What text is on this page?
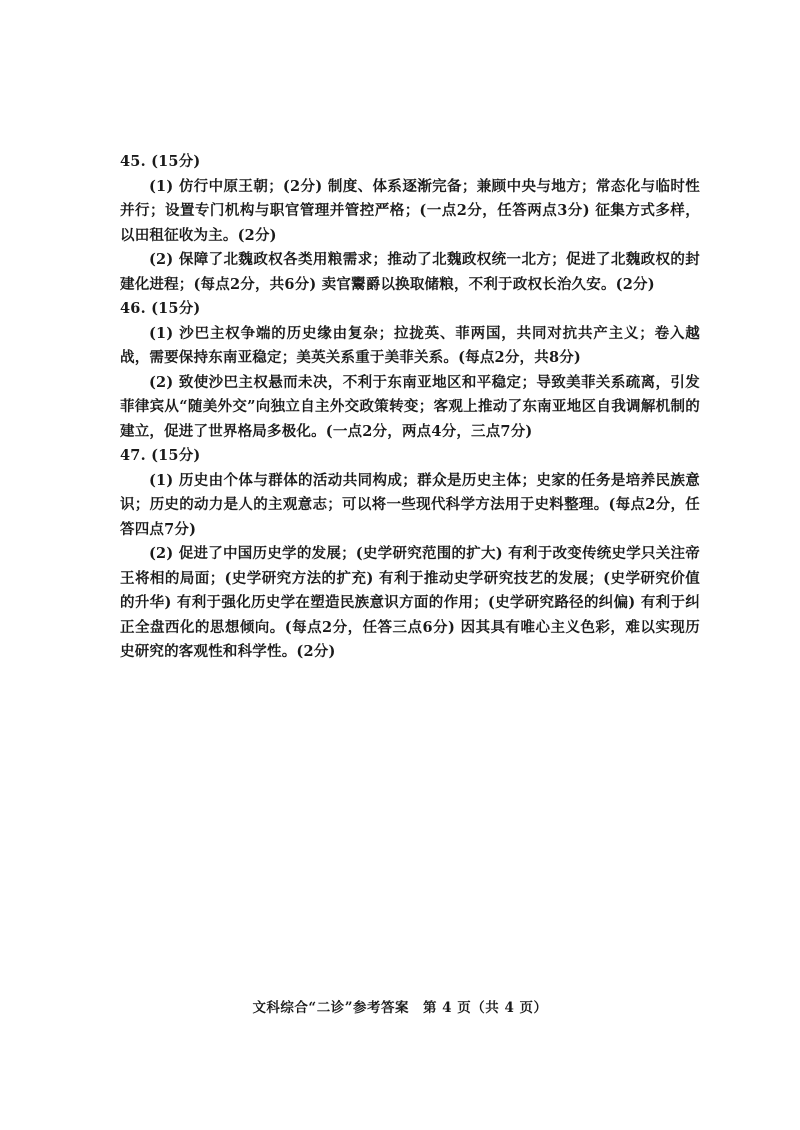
45. (15分)

(1) 仿行中原王朝；(2分) 制度、体系逐渐完备；兼顾中央与地方；常态化与临时性并行；设置专门机构与职官管理并管控严格；(一点2分，任答两点3分) 征集方式多样，以田租征收为主。(2分)

(2) 保障了北魏政权各类用粮需求；推动了北魏政权统一北方；促进了北魏政权的封建化进程；(每点2分，共6分) 卖官鬻爵以换取储粮，不利于政权长治久安。(2分)

46. (15分)

(1) 沙巴主权争端的历史缘由复杂；拉拢英、菲两国，共同对抗共产主义；卷入越战，需要保持东南亚稳定；美英关系重于美菲关系。(每点2分，共8分)

(2) 致使沙巴主权悬而未决，不利于东南亚地区和平稳定；导致美菲关系疏离，引发菲律宾从“随美外交”向独立自主外交政策转变；客观上推动了东南亚地区自我调解机制的建立，促进了世界格局多极化。(一点2分，两点4分，三点7分)

47. (15分)

(1) 历史由个体与群体的活动共同构成；群众是历史主体；史家的任务是培养民族意识；历史的动力是人的主观意志；可以将一些现代科学方法用于史料整理。(每点2分，任答四点7分)

(2) 促进了中国历史学的发展；(史学研究范围的扩大) 有利于改变传统史学只关注帝王将相的局面；(史学研究方法的扩充) 有利于推动史学研究技艺的发展；(史学研究价值的升华) 有利于强化历史学在塑造民族意识方面的作用；(史学研究路径的纠偏) 有利于纠正全盘西化的思想倾向。(每点2分，任答三点6分) 因其具有唯心主义色彩，难以实现历史研究的客观性和科学性。(2分)

文科综合“二诊”参考答案　第 4 页（共 4 页）
